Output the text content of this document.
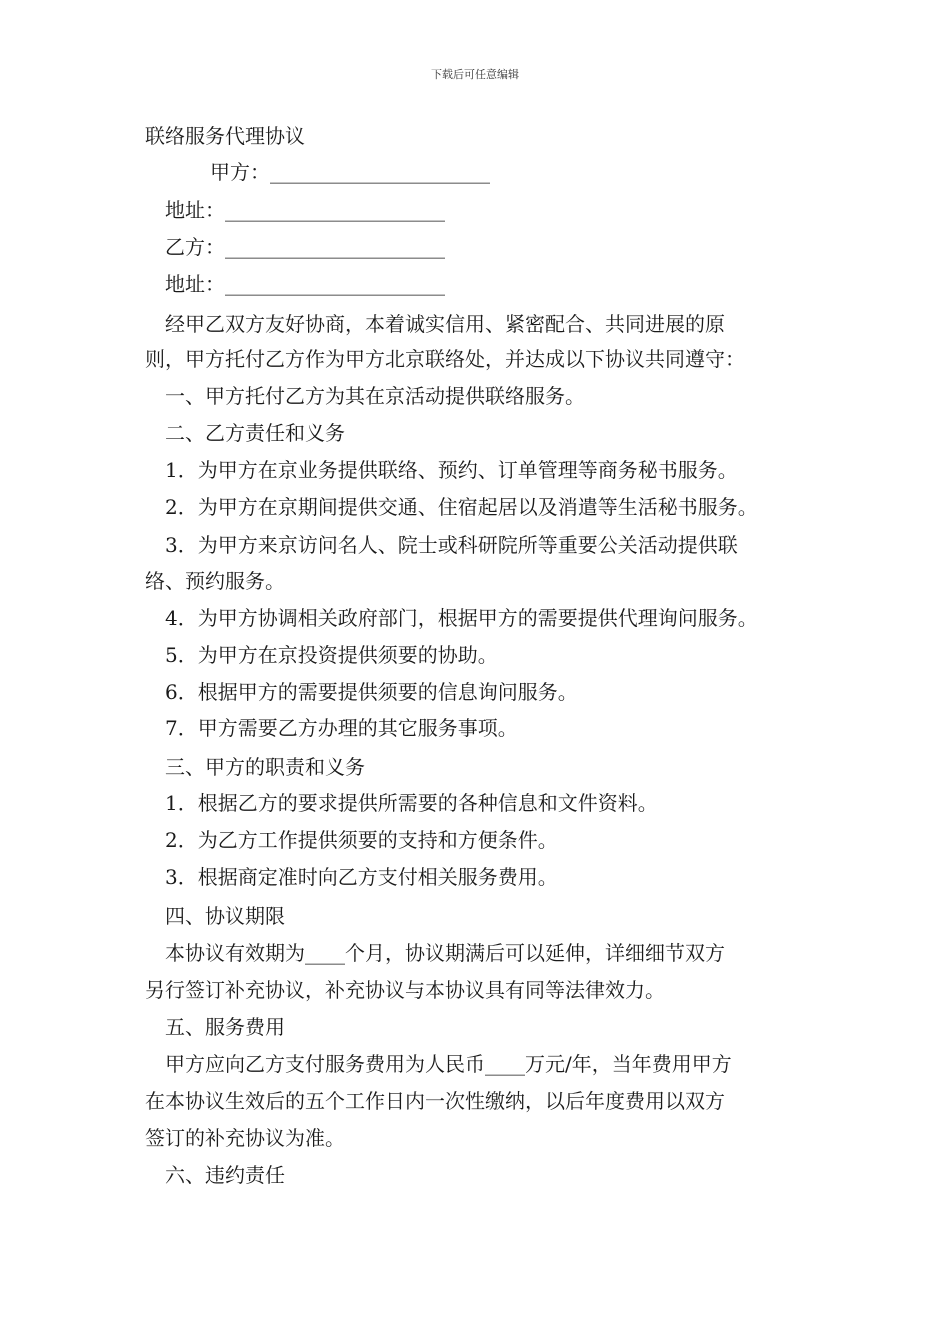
下载后可任意编辑
联络服务代理协议
甲方：______________________
地址：______________________
乙方：______________________
地址：______________________
经甲乙双方友好协商，本着诚实信用、紧密配合、共同进展的原
则，甲方托付乙方作为甲方北京联络处，并达成以下协议共同遵守：
一、甲方托付乙方为其在京活动提供联络服务。
二、乙方责任和义务
1．为甲方在京业务提供联络、预约、订单管理等商务秘书服务。
2．为甲方在京期间提供交通、住宿起居以及消遣等生活秘书服务。
3．为甲方来京访问名人、院士或科研院所等重要公关活动提供联
络、预约服务。
4．为甲方协调相关政府部门，根据甲方的需要提供代理询问服务。
5．为甲方在京投资提供须要的协助。
6．根据甲方的需要提供须要的信息询问服务。
7．甲方需要乙方办理的其它服务事项。
三、甲方的职责和义务
1．根据乙方的要求提供所需要的各种信息和文件资料。
2．为乙方工作提供须要的支持和方便条件。
3．根据商定准时向乙方支付相关服务费用。
四、协议期限
本协议有效期为____个月，协议期满后可以延伸，详细细节双方
另行签订补充协议，补充协议与本协议具有同等法律效力。
五、服务费用
甲方应向乙方支付服务费用为人民币____万元/年，当年费用甲方
在本协议生效后的五个工作日内一次性缴纳，以后年度费用以双方
签订的补充协议为准。
六、违约责任
